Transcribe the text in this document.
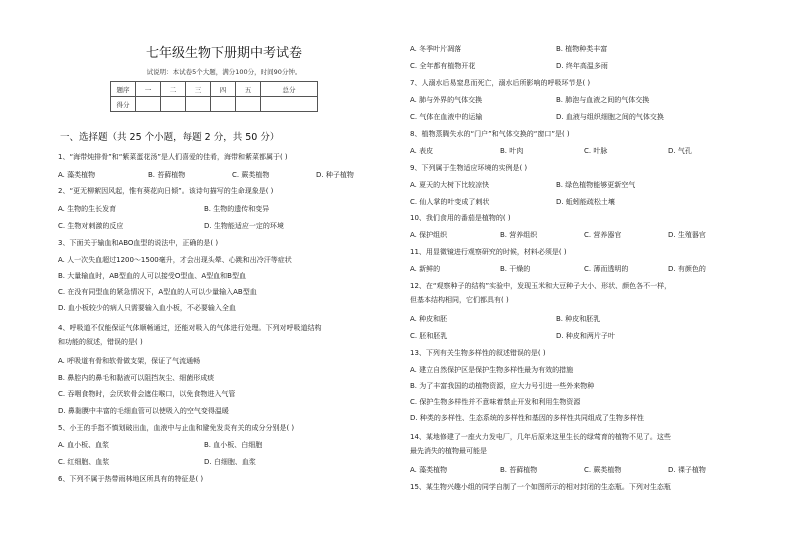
七年级生物下册期中考试卷
试说明：本试卷5个大题，满分100分，时间90分钟。
题序	一	二	三	四	五	总分
得分						
一、选择题（共 25 个小题，每题 2 分，共 50 分）
1、“海带炖排骨”和“紫菜蛋花汤”是人们喜爱的佳肴，海带和紫菜都属于( )
A. 藻类植物	B. 苔藓植物	C. 蕨类植物	D. 种子植物
2、“更无柳絮因风起，惟有葵花向日倾”。该诗句描写的生命现象是( )
A. 生物的生长发育	B. 生物的遗传和变异
C. 生物对刺激的反应	D. 生物能适应一定的环境
3、下面关于输血和ABO血型的说法中，正确的是( )
A. 人一次失血超过1200～1500毫升，才会出现头晕、心跳和出冷汗等症状
B. 大量输血时，AB型血的人可以接受O型血、A型血和B型血
C. 在没有同型血的紧急情况下，A型血的人可以少量输入AB型血
D. 血小板较少的病人只需要输入血小板，不必要输入全血
4、呼吸道不仅能保证气体顺畅通过，还能对吸入的气体进行处理。下列对呼吸道结构
和功能的叙述，错误的是( )
A. 呼吸道有骨和软骨做支架，保证了气流通畅
B. 鼻腔内的鼻毛和黏液可以阻挡灰尘、细菌形成痰
C. 吞咽食物时，会厌软骨会遮住喉口，以免食物进入气管
D. 鼻黏膜中丰富的毛细血管可以使吸入的空气变得温暖
5、小王的手指不慎划破出血，血液中与止血和避免发炎有关的成分分别是( )
A. 血小板、血浆	B. 血小板、白细胞
C. 红细胞、血浆	D. 白细胞、血浆
6、下列不属于热带雨林地区所具有的特征是( )
A. 冬季叶片凋落	B. 植物种类丰富
C. 全年都有植物开花	D. 终年高温多雨
7、人溺水后易窒息而死亡，溺水后所影响的呼吸环节是( )
A. 肺与外界的气体交换	B. 肺泡与血液之间的气体交换
C. 气体在血液中的运输	D. 血液与组织细胞之间的气体交换
8、植物蒸腾失水的“门户”和气体交换的“窗口”是( )
A. 表皮	B. 叶肉	C. 叶脉	D. 气孔
9、下列属于生物适应环境的实例是( )
A. 夏天的大树下比较凉快	B. 绿色植物能够更新空气
C. 仙人掌的叶变成了刺状	D. 蚯蚓能疏松土壤
10、我们食用的番茄是植物的( )
A. 保护组织	B. 营养组织	C. 营养器官	D. 生殖器官
11、用显微镜进行观察研究的时候，材料必须是( )
A. 新鲜的	B. 干燥的	C. 薄而透明的	D. 有颜色的
12、在“观察种子的结构”实验中，发现玉米和大豆种子大小、形状、颜色各不一样，
但基本结构相同，它们都具有( )
A. 种皮和胚	B. 种皮和胚乳
C. 胚和胚乳	D. 种皮和两片子叶
13、下列有关生物多样性的叙述错误的是( )
A. 建立自然保护区是保护生物多样性最为有效的措施
B. 为了丰富我国的动植物资源，应大力号引进一些外来物种
C. 保护生物多样性并不意味着禁止开发和利用生物资源
D. 种类的多样性、生态系统的多样性和基因的多样性共同组成了生物多样性
14、某地修建了一座火力发电厂，几年后原来这里生长的绿莺育的植物不见了。这些
最先消失的植物最可能是
A. 藻类植物	B. 苔藓植物	C. 蕨类植物	D. 裸子植物
15、某生物兴趣小组的同学自制了一个如图所示的相对封闭的生态瓶。下列对生态瓶
